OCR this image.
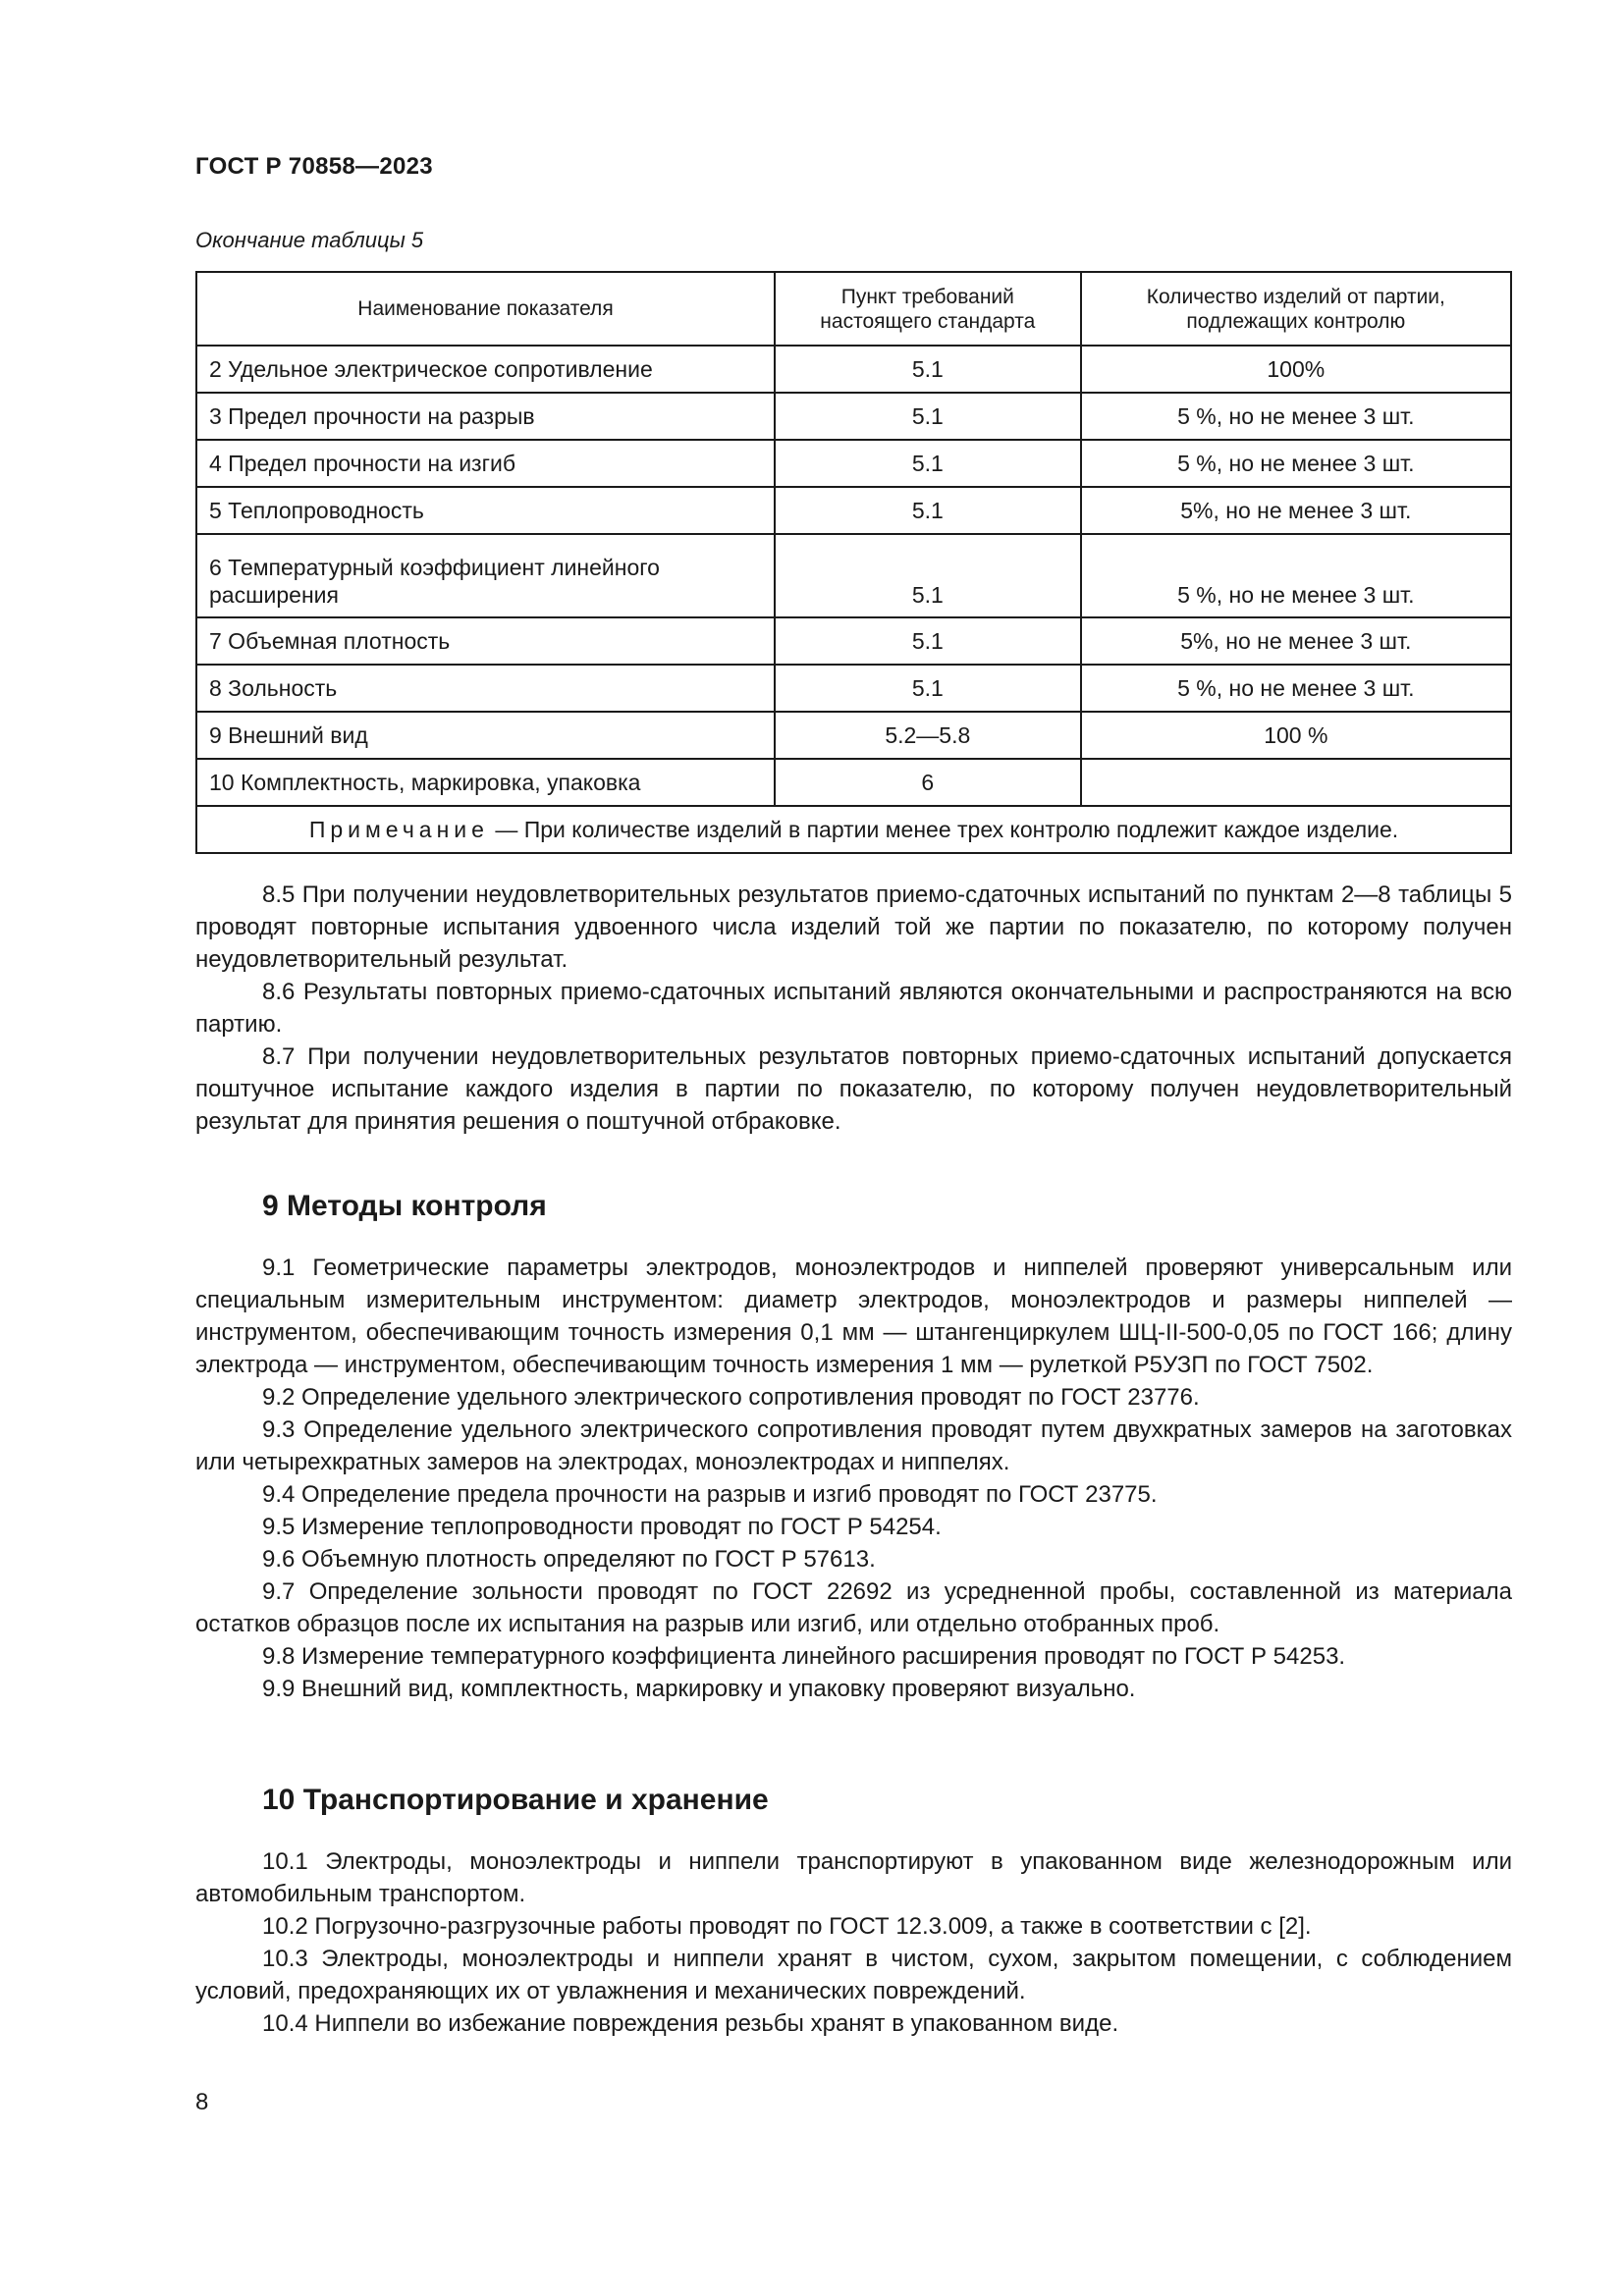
ГОСТ Р 70858—2023
Окончание таблицы 5
Наименование показателя	Пункт требований настоящего стандарта	Количество изделий от партии, подлежащих контролю
2 Удельное электрическое сопротивление	5.1	100%
3 Предел прочности на разрыв	5.1	5 %, но не менее 3 шт.
4 Предел прочности на изгиб	5.1	5 %, но не менее 3 шт.
5 Теплопроводность	5.1	5%, но не менее 3 шт.
6 Температурный коэффициент линейного расширения	5.1	5 %, но не менее 3 шт.
7 Объемная плотность	5.1	5%, но не менее 3 шт.
8 Зольность	5.1	5 %, но не менее 3 шт.
9 Внешний вид	5.2—5.8	100 %
10 Комплектность, маркировка, упаковка	6	
Примечание — При количестве изделий в партии менее трех контролю подлежит каждое изделие.		

8.5 При получении неудовлетворительных результатов приемо-сдаточных испытаний по пунктам 2—8 таблицы 5 проводят повторные испытания удвоенного числа изделий той же партии по показателю, по которому получен неудовлетворительный результат.

8.6 Результаты повторных приемо-сдаточных испытаний являются окончательными и распространяются на всю партию.

8.7 При получении неудовлетворительных результатов повторных приемо-сдаточных испытаний допускается поштучное испытание каждого изделия в партии по показателю, по которому получен неудовлетворительный результат для принятия решения о поштучной отбраковке.

9 Методы контроля

9.1 Геометрические параметры электродов, моноэлектродов и ниппелей проверяют универсальным или специальным измерительным инструментом: диаметр электродов, моноэлектродов и размеры ниппелей — инструментом, обеспечивающим точность измерения 0,1 мм — штангенциркулем ШЦ-II-500-0,05 по ГОСТ 166; длину электрода — инструментом, обеспечивающим точность измерения 1 мм — рулеткой Р5УЗП по ГОСТ 7502.

9.2 Определение удельного электрического сопротивления проводят по ГОСТ 23776.

9.3 Определение удельного электрического сопротивления проводят путем двухкратных замеров на заготовках или четырехкратных замеров на электродах, моноэлектродах и ниппелях.

9.4 Определение предела прочности на разрыв и изгиб проводят по ГОСТ 23775.

9.5 Измерение теплопроводности проводят по ГОСТ Р 54254.

9.6 Объемную плотность определяют по ГОСТ Р 57613.

9.7 Определение зольности проводят по ГОСТ 22692 из усредненной пробы, составленной из материала остатков образцов после их испытания на разрыв или изгиб, или отдельно отобранных проб.

9.8 Измерение температурного коэффициента линейного расширения проводят по ГОСТ Р 54253.

9.9 Внешний вид, комплектность, маркировку и упаковку проверяют визуально.

10 Транспортирование и хранение

10.1 Электроды, моноэлектроды и ниппели транспортируют в упакованном виде железнодорожным или автомобильным транспортом.

10.2 Погрузочно-разгрузочные работы проводят по ГОСТ 12.3.009, а также в соответствии с [2].

10.3 Электроды, моноэлектроды и ниппели хранят в чистом, сухом, закрытом помещении, с соблюдением условий, предохраняющих их от увлажнения и механических повреждений.

10.4 Ниппели во избежание повреждения резьбы хранят в упакованном виде.

8
